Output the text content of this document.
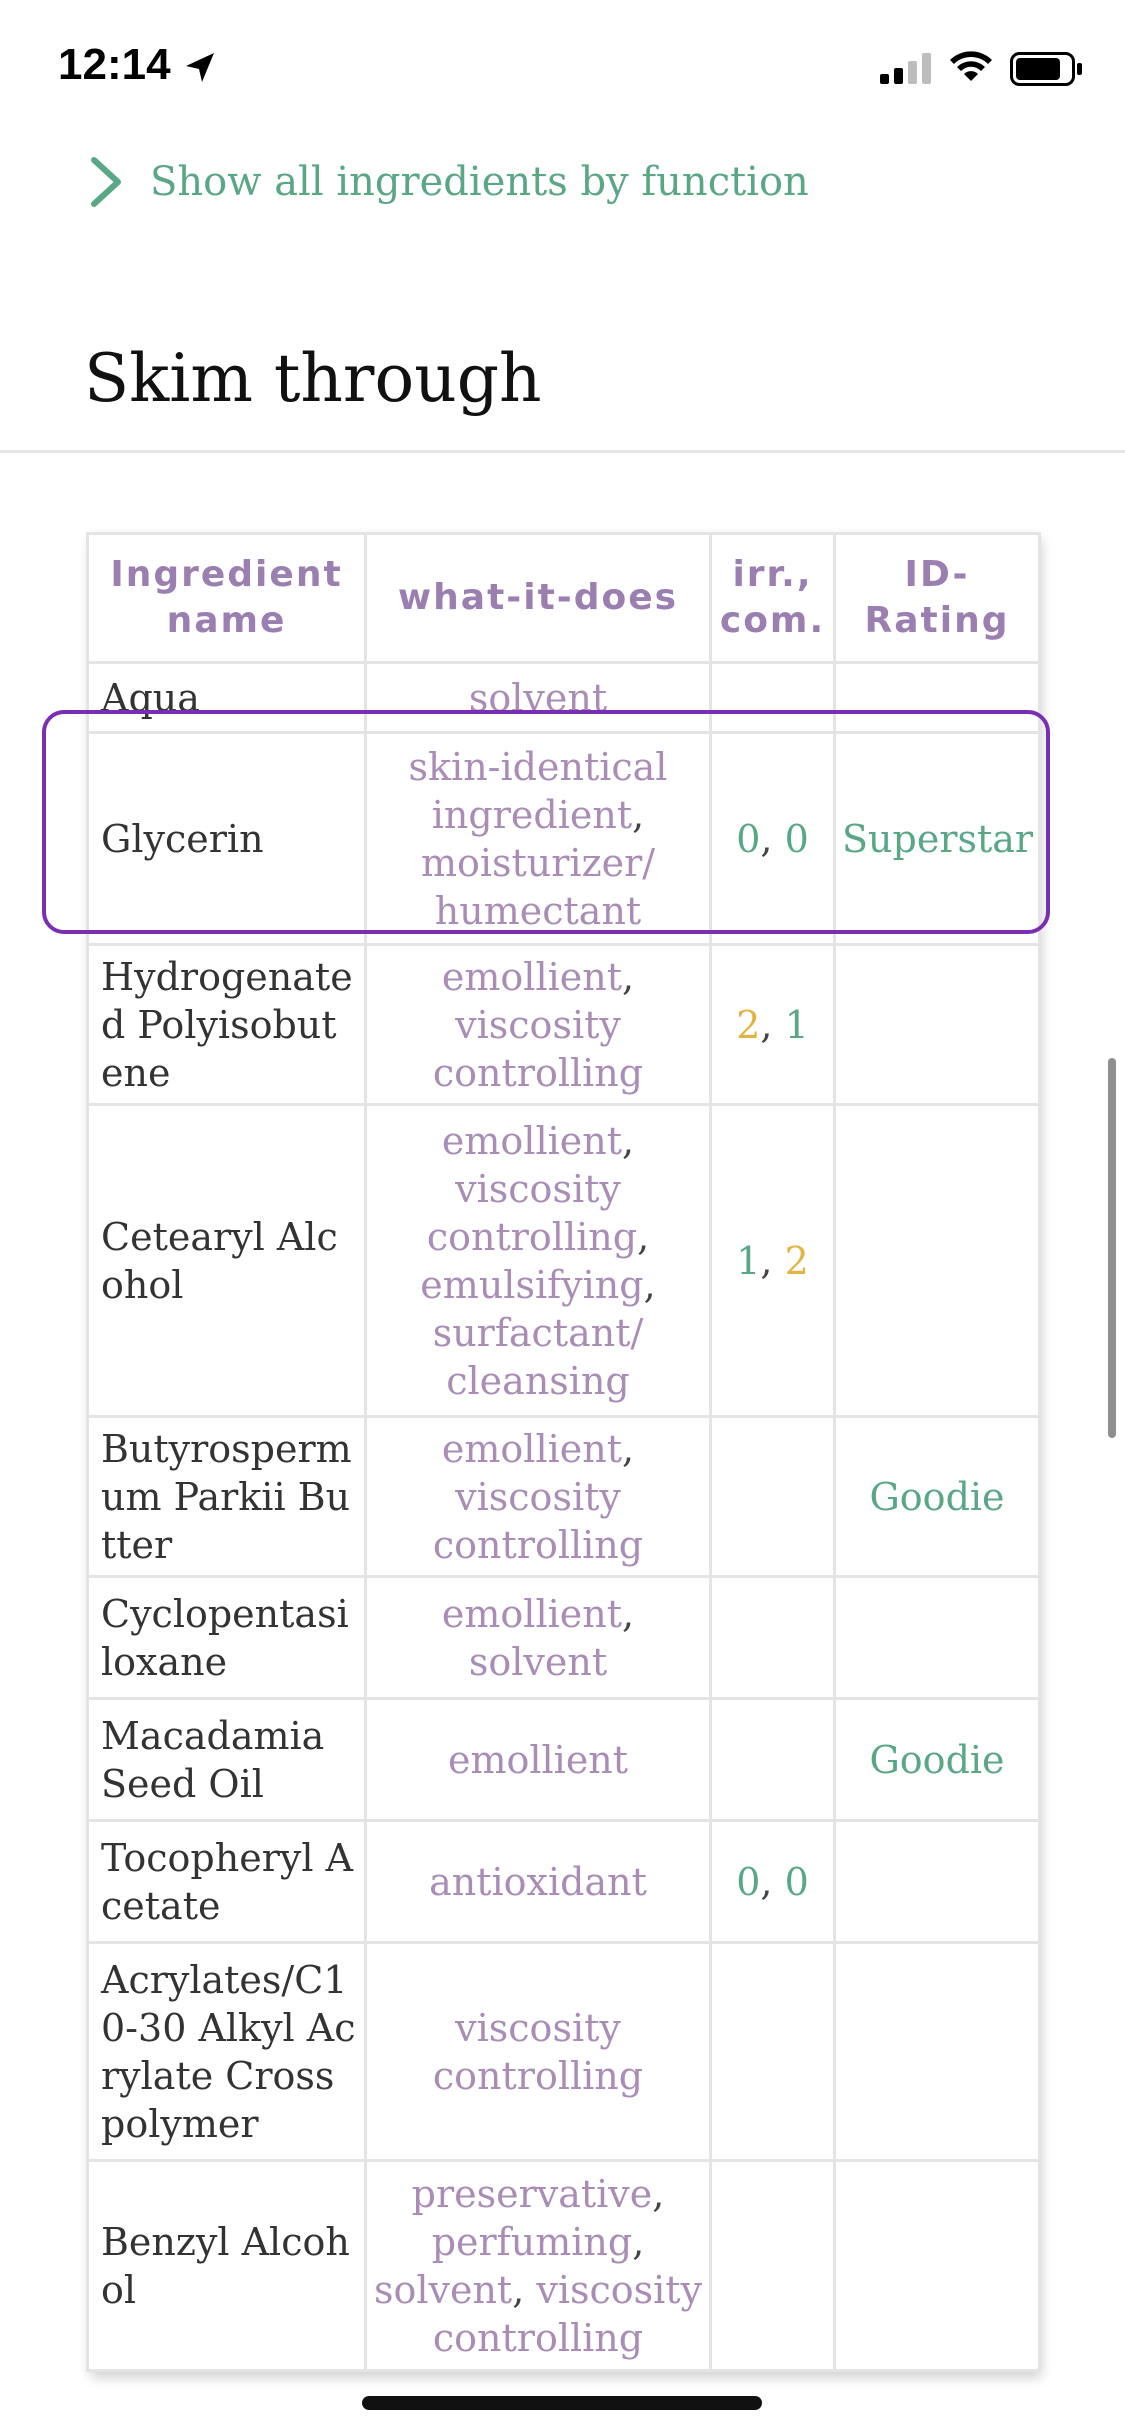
12:14
Show all ingredients by function
Skim through
Ingredient name	what-it-does	irr., com.	ID-Rating
Aqua	solvent		
Glycerin	skin-identical ingredient, moisturizer/ humectant	0, 0	Superstar
Hydrogenated Polyisobutene	emollient, viscosity controlling	2, 1	
Cetearyl Alcohol	emollient, viscosity controlling, emulsifying, surfactant/ cleansing	1, 2	
Butyrospermum Parkii Butter	emollient, viscosity controlling		Goodie
Cyclopentasiloxane	emollient, solvent		
Macadamia Seed Oil	emollient		Goodie
Tocopheryl Acetate	antioxidant	0, 0	
Acrylates/C10-30 Alkyl Acrylate Crosspolymer	viscosity controlling		
Benzyl Alcohol	preservative, perfuming, solvent, viscosity controlling		
